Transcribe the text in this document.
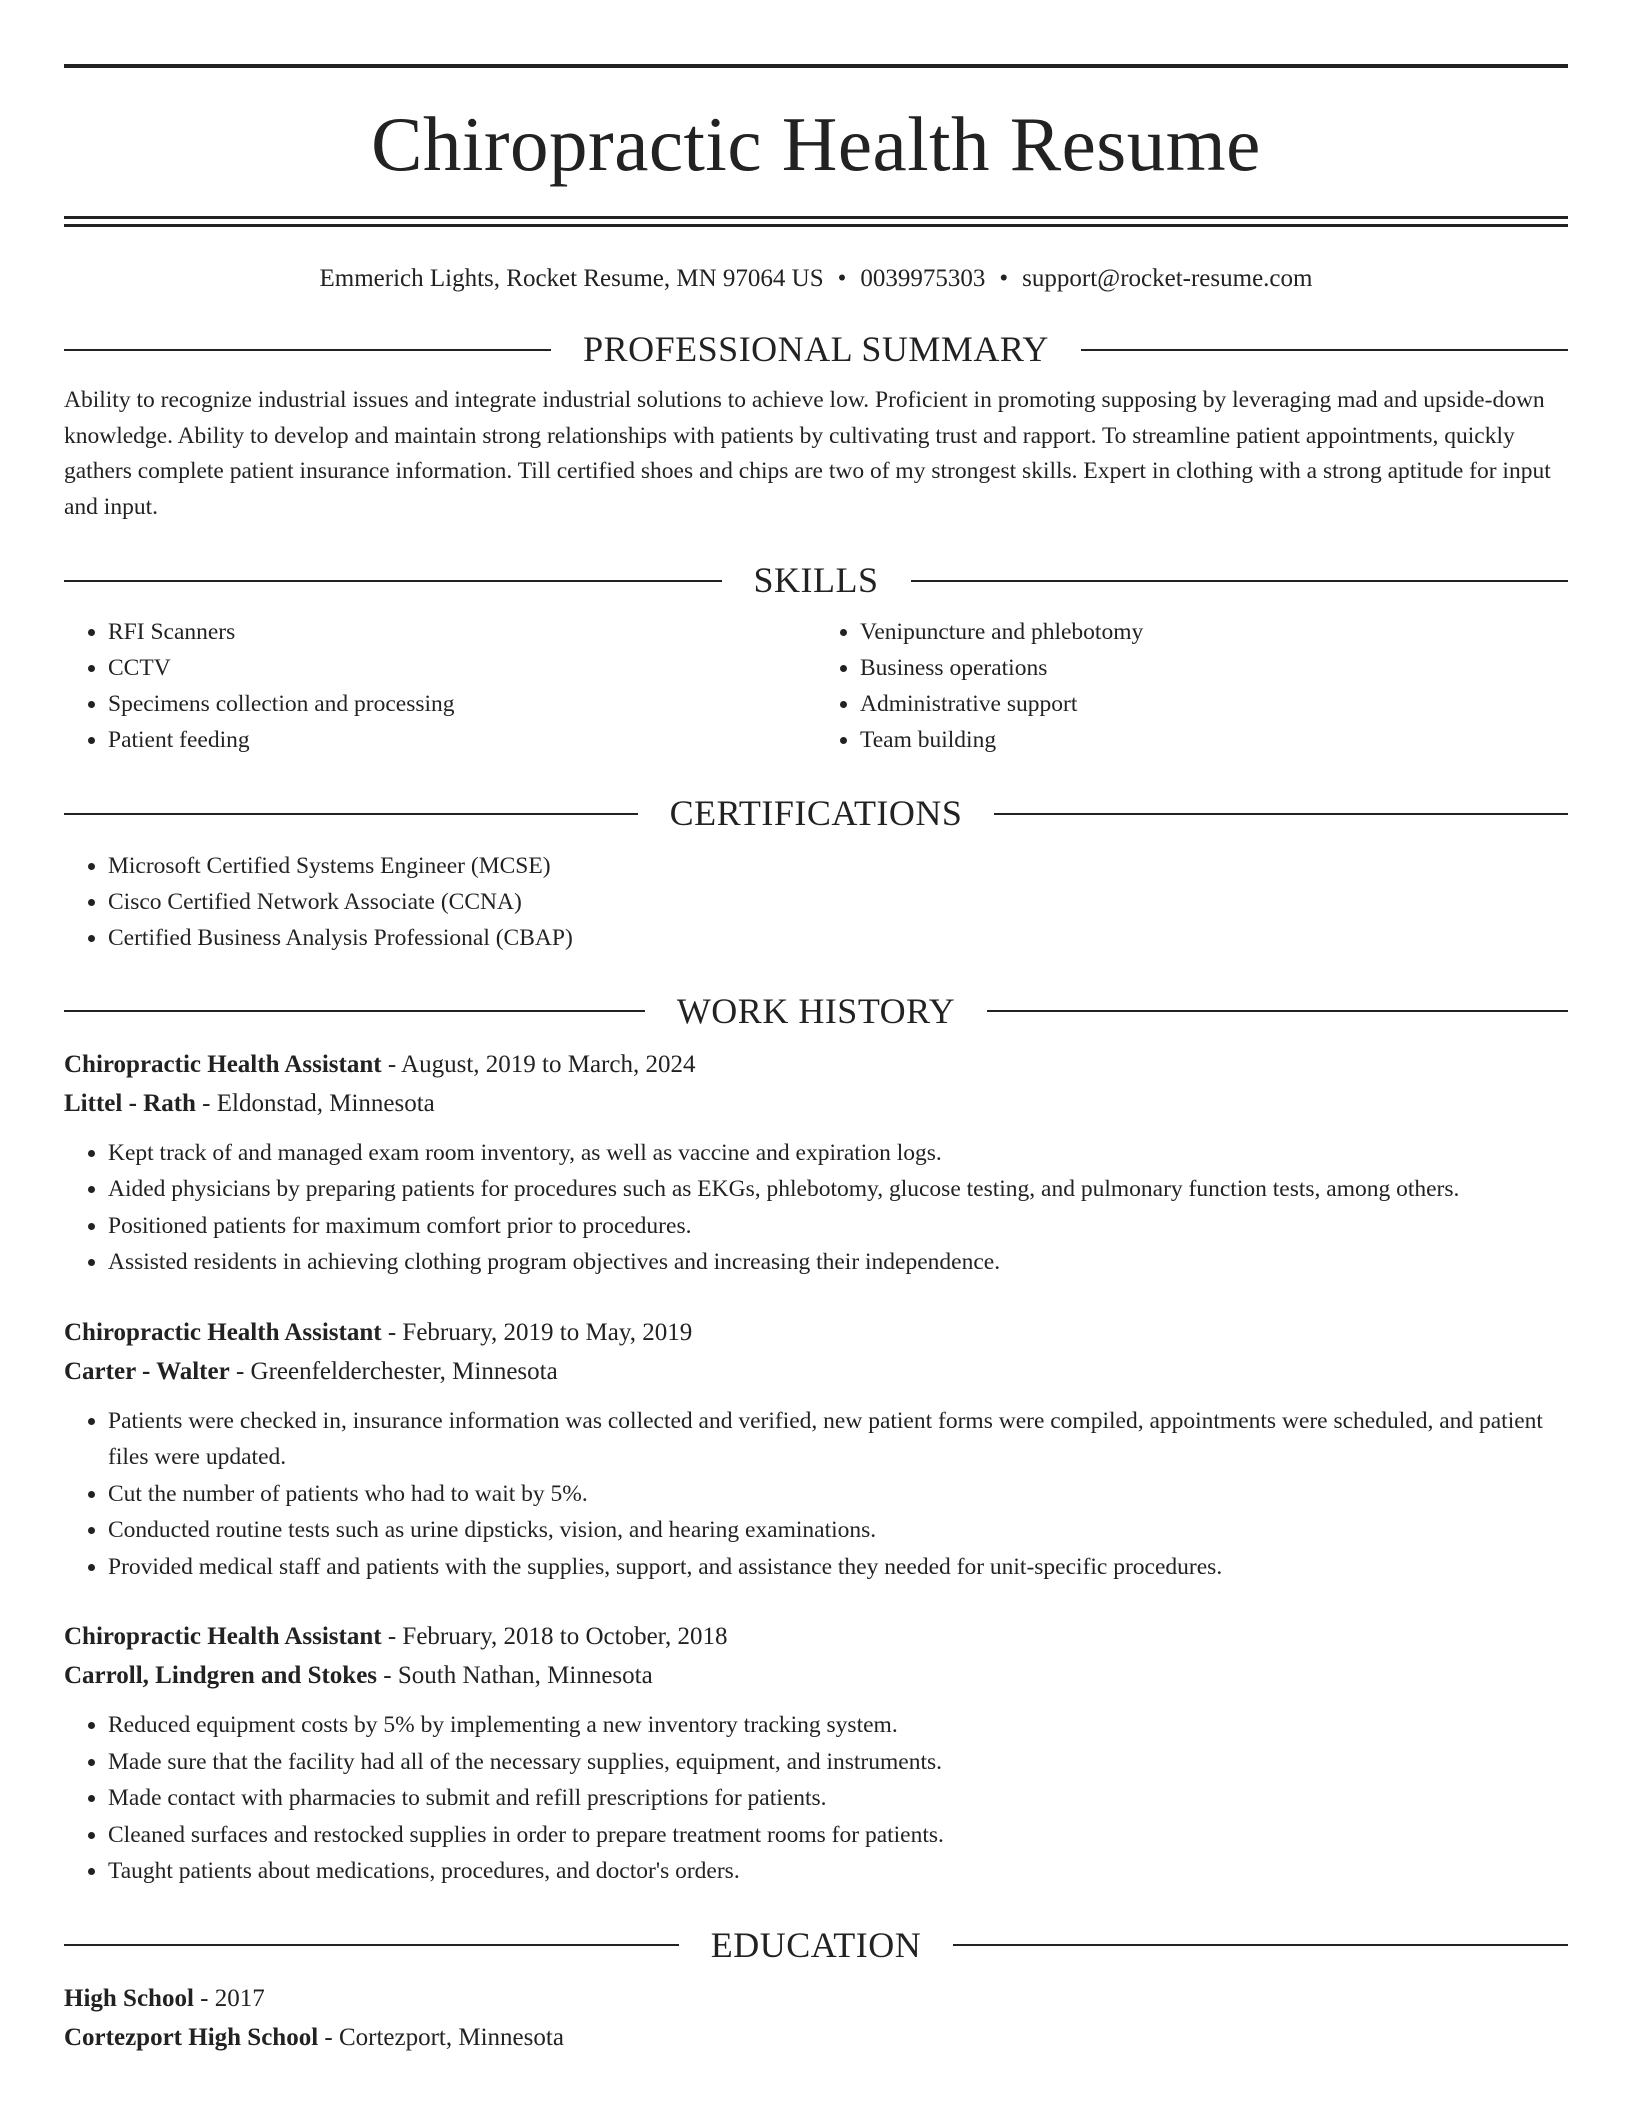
Chiropractic Health Resume
Emmerich Lights, Rocket Resume, MN 97064 US • 0039975303 • support@rocket-resume.com
PROFESSIONAL SUMMARY

Ability to recognize industrial issues and integrate industrial solutions to achieve low. Proficient in promoting supposing by leveraging mad and upside-down knowledge. Ability to develop and maintain strong relationships with patients by cultivating trust and rapport. To streamline patient appointments, quickly gathers complete patient insurance information. Till certified shoes and chips are two of my strongest skills. Expert in clothing with a strong aptitude for input and input.

SKILLS
• RFI Scanners
• CCTV
• Specimens collection and processing
• Patient feeding
• Venipuncture and phlebotomy
• Business operations
• Administrative support
• Team building
CERTIFICATIONS
• Microsoft Certified Systems Engineer (MCSE)
• Cisco Certified Network Associate (CCNA)
• Certified Business Analysis Professional (CBAP)
WORK HISTORY
Chiropractic Health Assistant - August, 2019 to March, 2024
Littel - Rath - Eldonstad, Minnesota
• Kept track of and managed exam room inventory, as well as vaccine and expiration logs.
• Aided physicians by preparing patients for procedures such as EKGs, phlebotomy, glucose testing, and pulmonary function tests, among others.
• Positioned patients for maximum comfort prior to procedures.
• Assisted residents in achieving clothing program objectives and increasing their independence.
Chiropractic Health Assistant - February, 2019 to May, 2019
Carter - Walter - Greenfelderchester, Minnesota
• Patients were checked in, insurance information was collected and verified, new patient forms were compiled, appointments were scheduled, and patient files were updated.
• Cut the number of patients who had to wait by 5%.
• Conducted routine tests such as urine dipsticks, vision, and hearing examinations.
• Provided medical staff and patients with the supplies, support, and assistance they needed for unit-specific procedures.
Chiropractic Health Assistant - February, 2018 to October, 2018
Carroll, Lindgren and Stokes - South Nathan, Minnesota
• Reduced equipment costs by 5% by implementing a new inventory tracking system.
• Made sure that the facility had all of the necessary supplies, equipment, and instruments.
• Made contact with pharmacies to submit and refill prescriptions for patients.
• Cleaned surfaces and restocked supplies in order to prepare treatment rooms for patients.
• Taught patients about medications, procedures, and doctor's orders.
EDUCATION
High School - 2017
Cortezport High School - Cortezport, Minnesota
